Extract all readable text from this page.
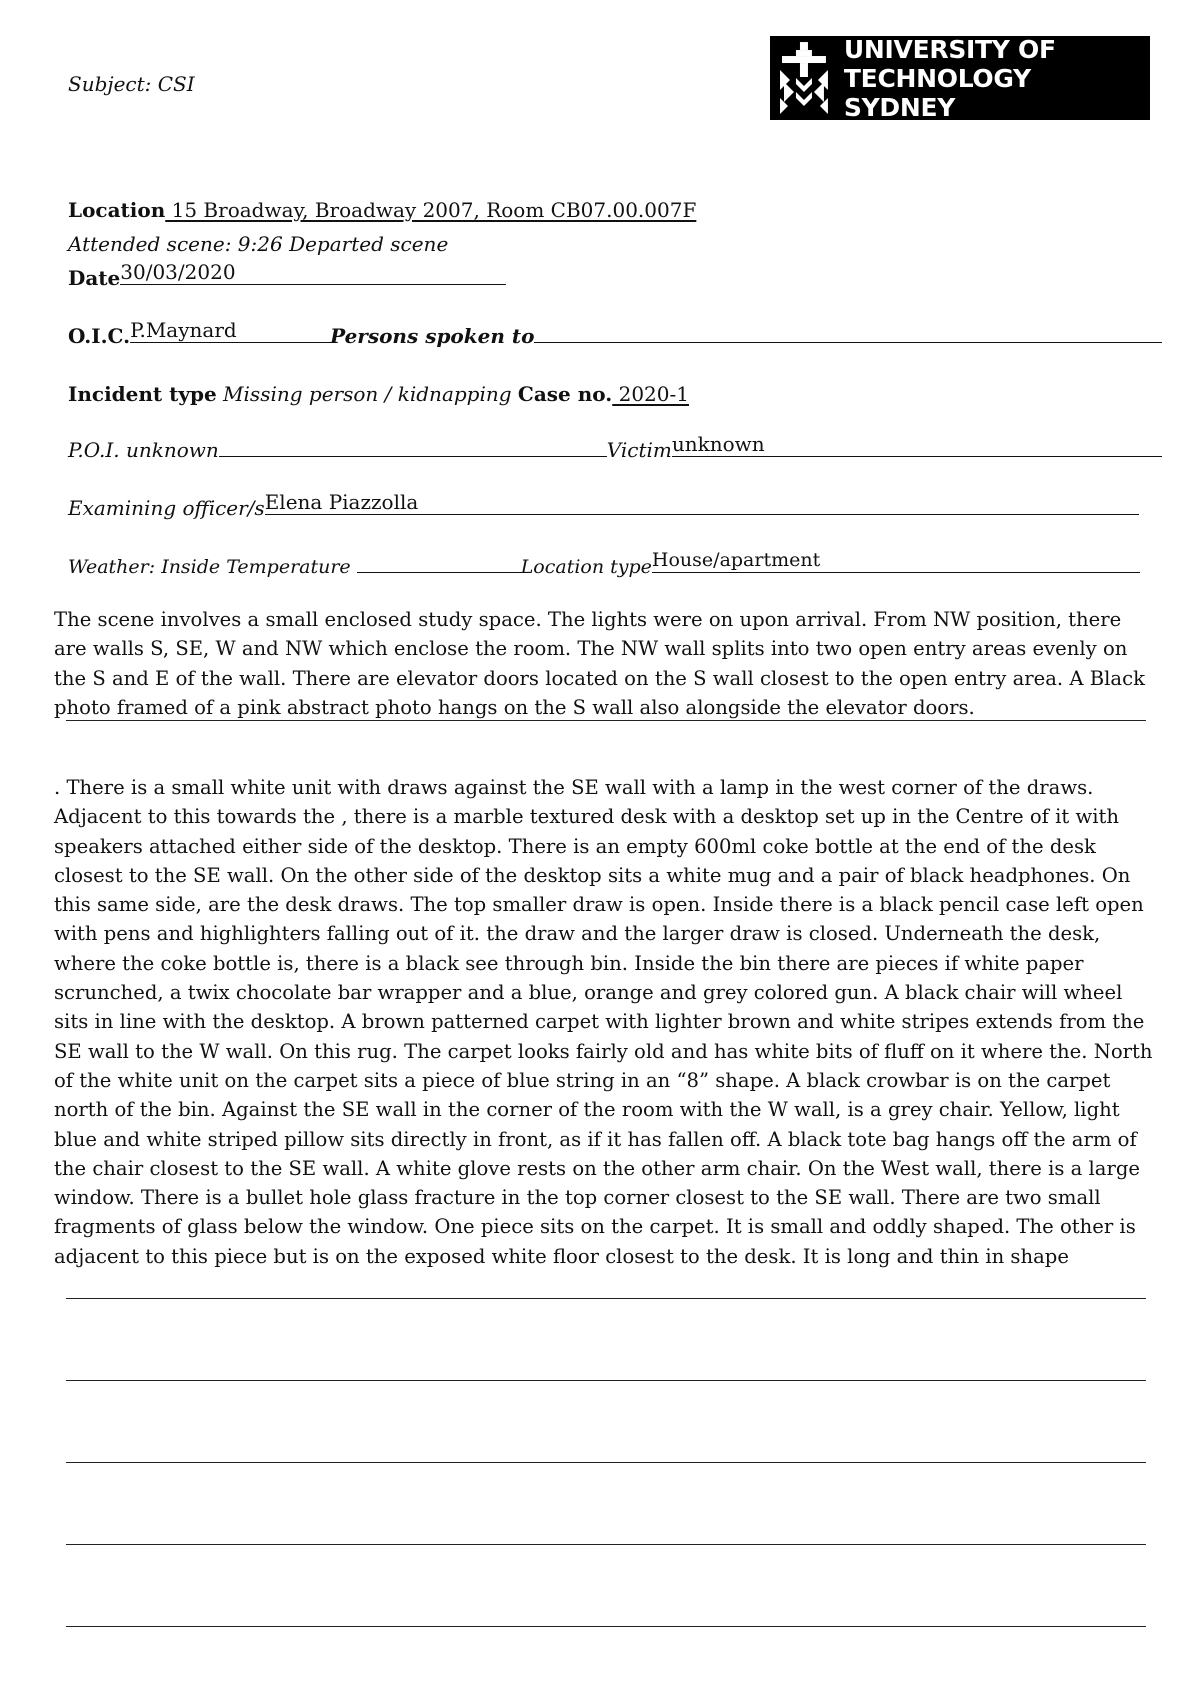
Subject: CSI
UNIVERSITY OF
TECHNOLOGY SYDNEY
Location 15 Broadway, Broadway 2007, Room CB07.00.007F
Attended scene: 9:26 Departed scene
Date 30/03/2020
O.I.C. P.Maynard	Persons spoken to
Incident type Missing person / kidnapping Case no. 2020-1
P.O.I. unknown	Victim unknown
Examining officer/s Elena Piazzolla
Weather: Inside Temperature	Location type House/apartment
The scene involves a small enclosed study space. The lights were on upon arrival. From NW position, there are walls S, SE, W and NW which enclose the room. The NW wall splits into two open entry areas evenly on the S and E of the wall. There are elevator doors located on the S wall closest to the open entry area. A Black photo framed of a pink abstract photo hangs on the S wall also alongside the elevator doors.
. There is a small white unit with draws against the SE wall with a lamp in the west corner of the draws. Adjacent to this towards the , there is a marble textured desk with a desktop set up in the Centre of it with speakers attached either side of the desktop. There is an empty 600ml coke bottle at the end of the desk closest to the SE wall. On the other side of the desktop sits a white mug and a pair of black headphones. On this same side, are the desk draws. The top smaller draw is open. Inside there is a black pencil case left open with pens and highlighters falling out of it. the draw and the larger draw is closed. Underneath the desk, where the coke bottle is, there is a black see through bin. Inside the bin there are pieces if white paper scrunched, a twix chocolate bar wrapper and a blue, orange and grey colored gun. A black chair will wheel sits in line with the desktop. A brown patterned carpet with lighter brown and white stripes extends from the SE wall to the W wall. On this rug. The carpet looks fairly old and has white bits of fluff on it where the. North of the white unit on the carpet sits a piece of blue string in an “8” shape. A black crowbar is on the carpet north of the bin. Against the SE wall in the corner of the room with the W wall, is a grey chair. Yellow, light blue and white striped pillow sits directly in front, as if it has fallen off. A black tote bag hangs off the arm of the chair closest to the SE wall. A white glove rests on the other arm chair. On the West wall, there is a large window. There is a bullet hole glass fracture in the top corner closest to the SE wall. There are two small fragments of glass below the window. One piece sits on the carpet. It is small and oddly shaped. The other is adjacent to this piece but is on the exposed white floor closest to the desk. It is long and thin in shape
